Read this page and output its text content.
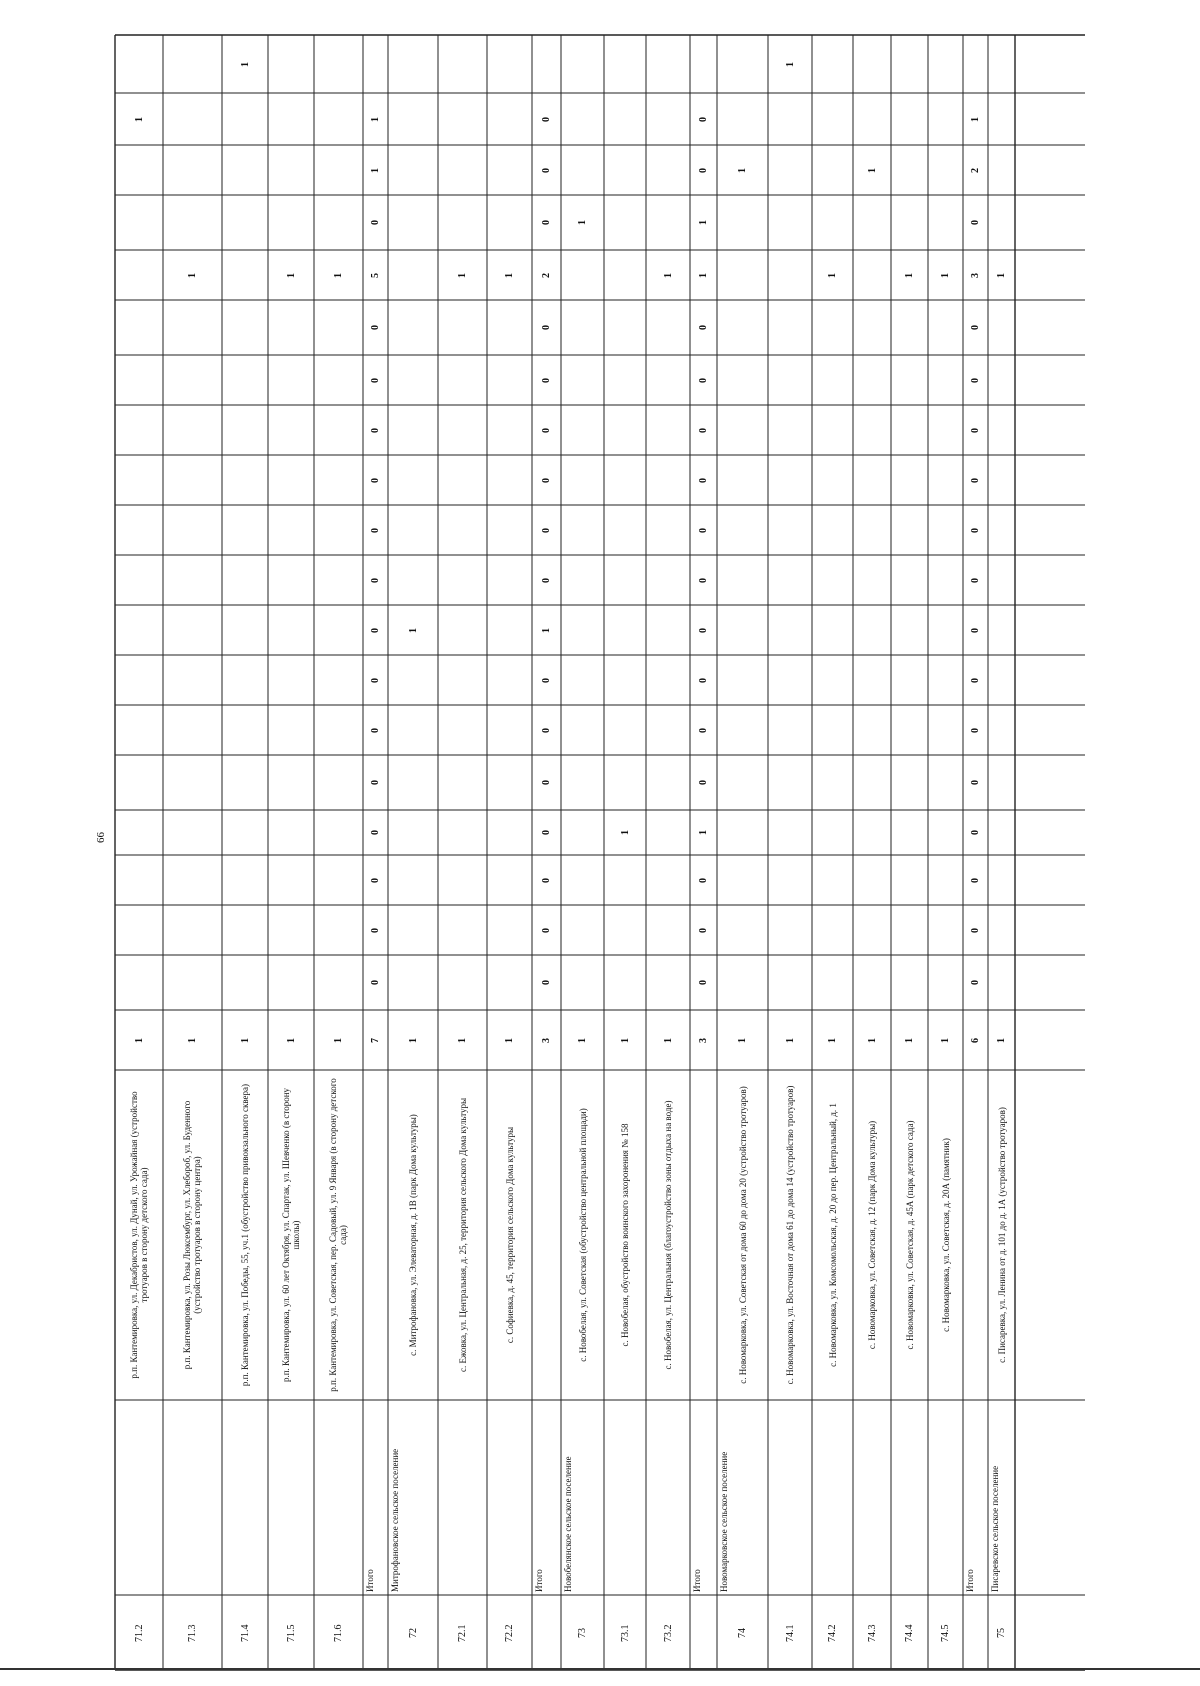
66
71.2
р.п. Кантемировка, ул. Декабристов, ул. Дунай, ул. Урожайная (устройство тротуаров в сторону детского сада)
1
1
71.3
р.п. Кантемировка, ул. Розы Люксембург, ул. Хлебороб, ул. Буденного (устройство тротуаров в сторону центра)
1
1
71.4
р.п. Кантемировка, ул. Победы, 55, уч.1 (обустройство привокзального сквера)
1
1
71.5
р.п. Кантемировка, ул. 60 лет Октября, ул. Спартак, ул. Шевченко (в сторону школы)
1
1
71.6
р.п. Кантемировка, ул. Советская, пер. Садовый, ул. 9 Января (в сторону детского сада)
1
1
Итого
7
0
0
0
0
0
0
0
0
0
0
0
0
0
0
5
0
1
1
72
Митрофановское сельское поселение
с. Митрофановка, ул. Элеваторная, д. 1В (парк Дома культуры)
1
1
72.1
с. Ежовка, ул. Центральная, д. 25, территория сельского Дома культуры
1
1
72.2
с. Софиевка, д. 45, территория сельского Дома культуры
1
1
Итого
3
0
0
0
0
0
0
0
1
0
0
0
0
0
0
2
0
0
0
73
Новобелянское сельское поселение
с. Новобелая, ул. Советская (обустройство центральной площади)
1
1
73.1
с. Новобелая, обустройство воинского захоронения № 158
1
1
73.2
с. Новобелая, ул. Центральная (благоустройство зоны отдыха на воде)
1
1
Итого
3
0
0
0
1
0
0
0
0
0
0
0
0
0
0
1
1
0
0
74
Новомарковское сельское поселение
с. Новомарковка, ул. Советская от дома 60 до дома 20 (устройство тротуаров)
1
1
74.1
с. Новомарковка, ул. Восточная от дома 61 до дома 14 (устройство тротуаров)
1
1
74.2
с. Новомарковка, ул. Комсомольская, д. 20 до пер. Центральный, д. 1
1
1
74.3
с. Новомарковка, ул. Советская, д. 12 (парк Дома культуры)
1
1
74.4
с. Новомарковка, ул. Советская, д. 45А (парк детского сада)
1
1
74.5
с. Новомарковка, ул. Советская, д. 20А (памятник)
1
1
Итого
6
0
0
0
0
0
0
0
0
0
0
0
0
0
0
3
0
2
1
75
Писаревское сельское поселение
с. Писаревка, ул. Ленина от д. 101 до д. 1А (устройство тротуаров)
1
1
